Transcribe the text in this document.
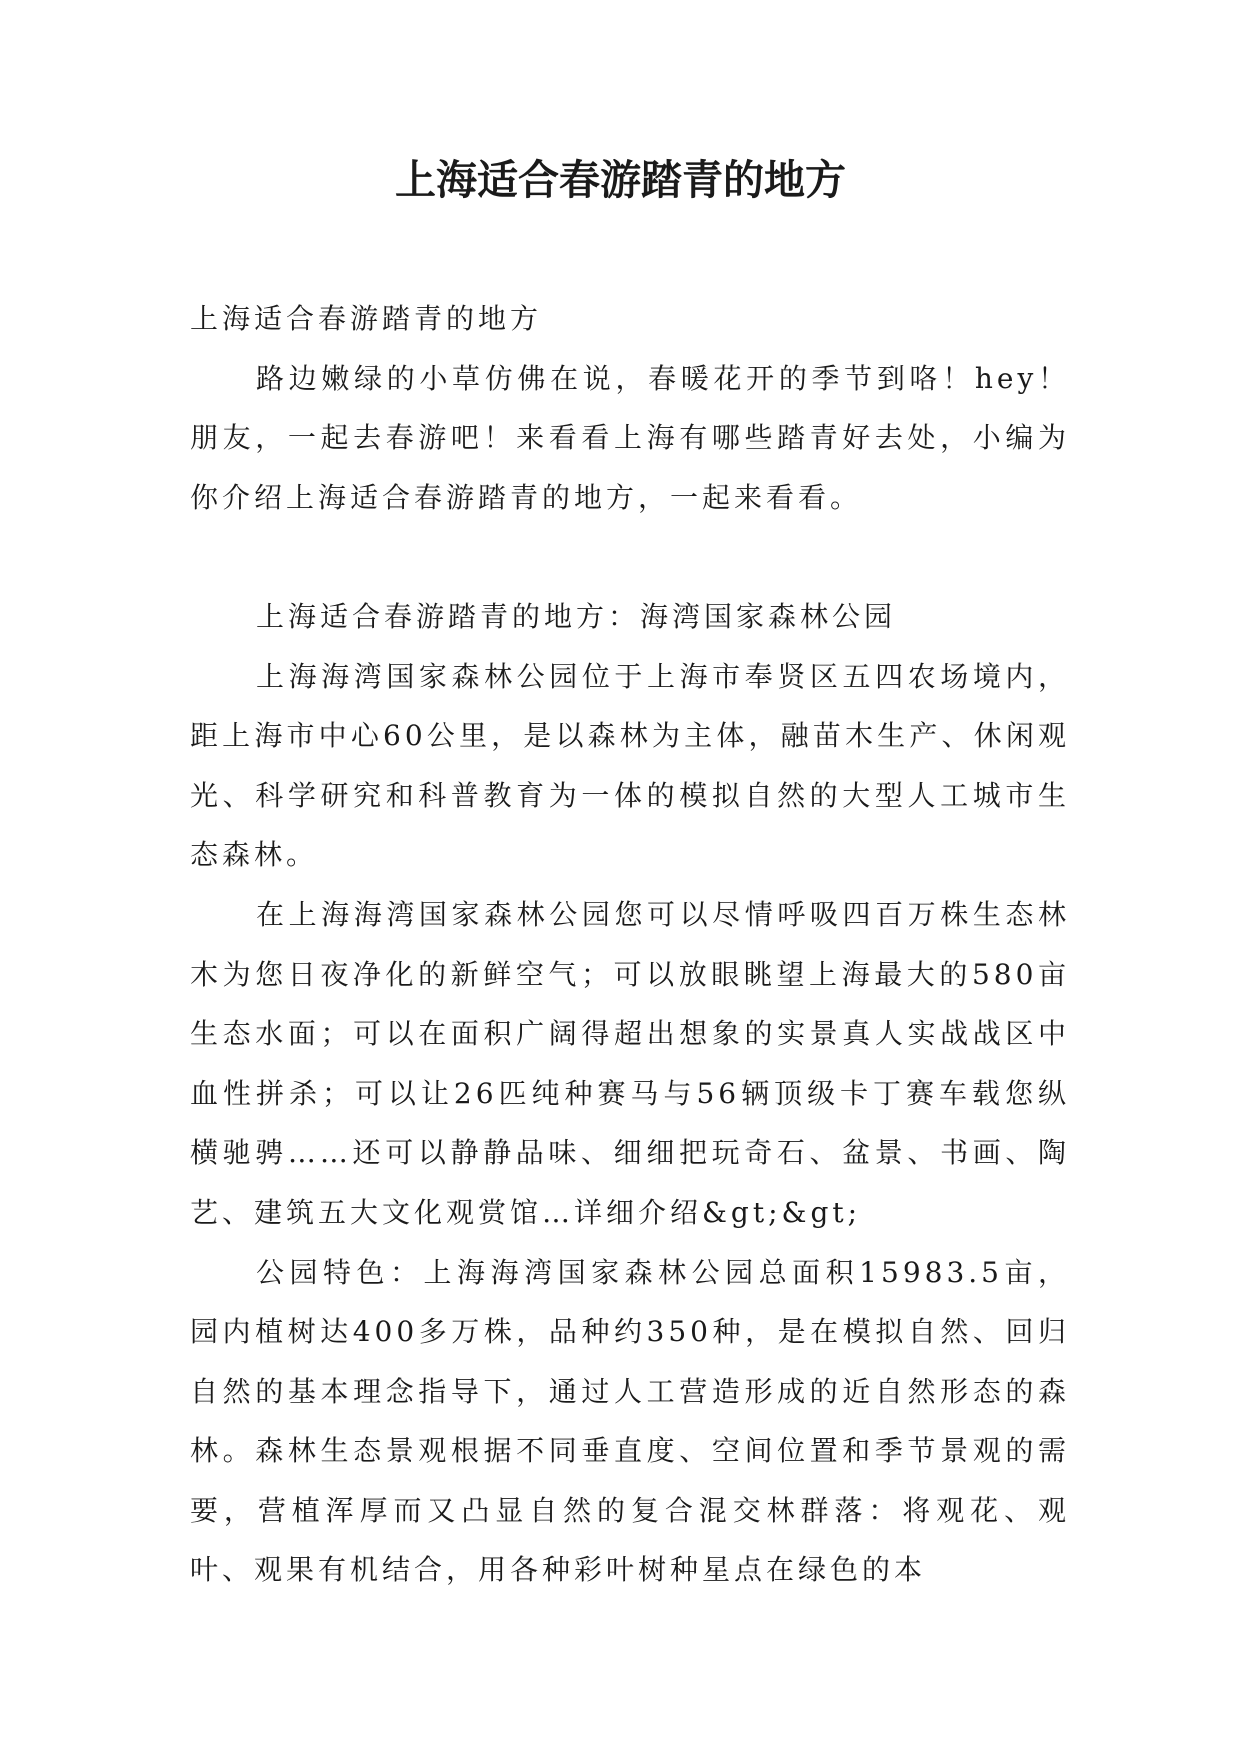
上海适合春游踏青的地方

上海适合春游踏青的地方

路边嫩绿的小草仿佛在说，春暖花开的季节到咯！hey！朋友，一起去春游吧！来看看上海有哪些踏青好去处，小编为你介绍上海适合春游踏青的地方，一起来看看。

上海适合春游踏青的地方：海湾国家森林公园

上海海湾国家森林公园位于上海市奉贤区五四农场境内，距上海市中心60公里，是以森林为主体，融苗木生产、休闲观光、科学研究和科普教育为一体的模拟自然的大型人工城市生态森林。

在上海海湾国家森林公园您可以尽情呼吸四百万株生态林木为您日夜净化的新鲜空气；可以放眼眺望上海最大的580亩生态水面；可以在面积广阔得超出想象的实景真人实战战区中血性拼杀；可以让26匹纯种赛马与56辆顶级卡丁赛车载您纵横驰骋……还可以静静品味、细细把玩奇石、盆景、书画、陶艺、建筑五大文化观赏馆…详细介绍&gt;&gt;

公园特色：上海海湾国家森林公园总面积15983.5亩，园内植树达400多万株，品种约350种，是在模拟自然、回归自然的基本理念指导下，通过人工营造形成的近自然形态的森林。森林生态景观根据不同垂直度、空间位置和季节景观的需要，营植浑厚而又凸显自然的复合混交林群落：将观花、观叶、观果有机结合，用各种彩叶树种星点在绿色的本
